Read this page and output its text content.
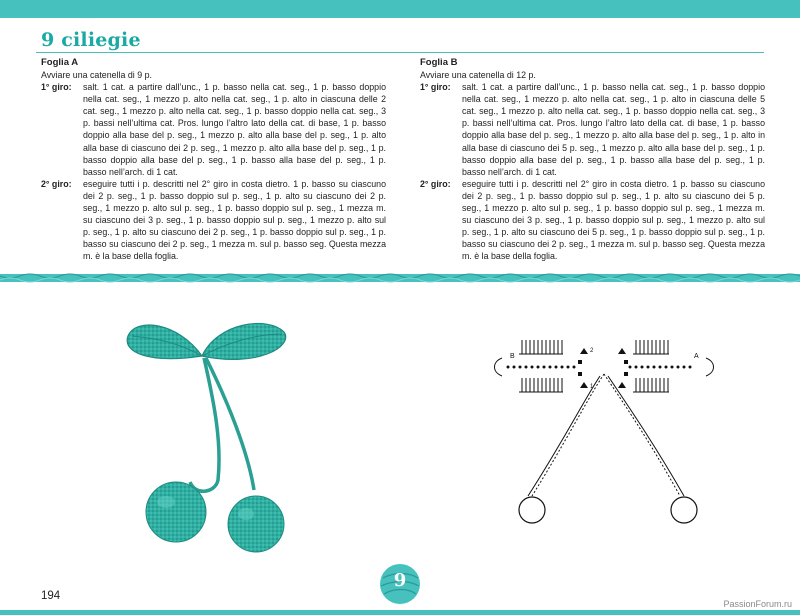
9 ciliegie
Foglia A

Avviare una catenella di 9 p.

1° giro:	salt. 1 cat. a partire dall’unc., 1 p. basso nella cat. seg., 1 p. basso doppio nella cat. seg., 1 mezzo p. alto nella cat. seg., 1 p. alto in ciascuna delle 2 cat. seg., 1 mezzo p. alto nella cat. seg., 1 p. basso doppio nella cat. seg., 3 p. bassi nell’ultima cat. Pros. lungo l’altro lato della cat. di base, 1 p. basso doppio alla base del p. seg., 1 mezzo p. alto alla base del p. seg., 1 p. alto alla base di ciascuno dei 2 p. seg., 1 mezzo p. alto alla base del p. seg., 1 p. basso doppio alla base del p. seg., 1 p. basso alla base del p. seg., 1 p. basso nell’arch. di 1 cat.
2° giro:	eseguire tutti i p. descritti nel 2° giro in costa dietro. 1 p. basso su ciascuno dei 2 p. seg., 1 p. basso doppio sul p. seg., 1 p. alto su ciascuno dei 2 p. seg., 1 mezzo p. alto sul p. seg., 1 p. basso doppio sul p. seg., 1 mezza m. su ciascuno dei 3 p. seg., 1 p. basso doppio sul p. seg., 1 mezzo p. alto sul p. seg., 1 p. alto su ciascuno dei 2 p. seg., 1 p. basso doppio sul p. seg., 1 p. basso su ciascuno dei 2 p. seg., 1 mezza m. sul p. basso seg. Questa mezza m. è la base della foglia.
Foglia B

Avviare una catenella di 12 p.

1° giro:	salt. 1 cat. a partire dall’unc., 1 p. basso nella cat. seg., 1 p. basso doppio nella cat. seg., 1 mezzo p. alto nella cat. seg., 1 p. alto in ciascuna delle 5 cat. seg., 1 mezzo p. alto nella cat. seg., 1 p. basso doppio nella cat. seg., 3 p. bassi nell’ultima cat. Pros. lungo l’altro lato della cat. di base, 1 p. basso doppio alla base del p. seg., 1 mezzo p. alto alla base del p. seg., 1 p. alto in alla base di ciascuno dei 5 p. seg., 1 mezzo p. alto alla base del p. seg., 1 p. basso doppio alla base del p. seg., 1 p. basso alla base del p. seg., 1 p. basso nell’arch. di 1 cat.
2° giro:	eseguire tutti i p. descritti nel 2° giro in costa dietro. 1 p. basso su ciascuno dei 2 p. seg., 1 p. basso doppio sul p. seg., 1 p. alto su ciascuno dei 5 p. seg., 1 mezzo p. alto sul p. seg., 1 p. basso doppio sul p. seg., 1 mezza m. su ciascuno dei 3 p. seg., 1 p. basso doppio sul p. seg., 1 mezzo p. alto sul p. seg., 1 p. alto su ciascuno dei 5 p. seg., 1 p. basso doppio sul p. seg., 1 p. basso su ciascuno dei 2 p. seg., 1 mezza m. sul p. basso seg. Questa mezza m. è la base della foglia.
B	A
2
1
194
9
PassionForum.ru
